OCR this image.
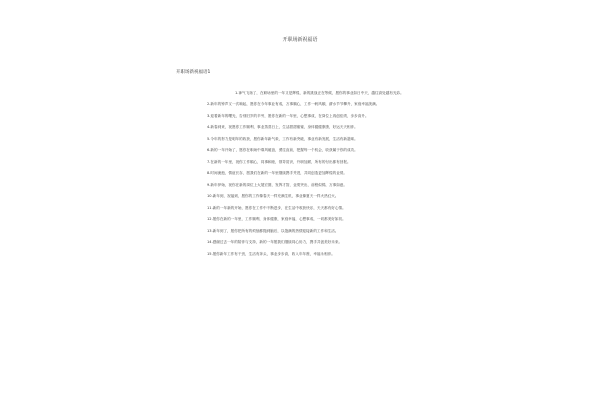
开职场新祝福语
开职场新祝福语1

1.神气飞扬了，在职场里的一年又是辉煌，新的挑战正在等候，愿你的事业如日中天，越往高处越有光彩。

2.新年的钟声又一次响起，愿你在今年事业有成，万事顺心，工作一帆风顺，薪水节节攀升，家庭幸福美满。

3.迎着新年的曙光，告别旧岁的辛劳，愿你在新的一年里，心想事成，在岗位上再创佳绩，步步高升。

4.新春到来，祝愿你工作顺利，事业蒸蒸日上，生活甜甜蜜蜜，身体健健康康，好运天天相伴。

5.今年的努力是明年的收获，愿你新年新气象，工作有新突破，事业有新发展，生活有新滋味。

6.新的一年开始了，愿你在职场中乘风破浪，勇往直前，把握每一个机会，收获属于你的成功。

7.在新的一年里，祝你工作顺心，同事和睦，领导赏识，升职加薪，所有的付出都有回报。

8.时间流逝，情谊长存，愿我们在新的一年里继续携手并进，共同创造更加辉煌的业绩。

9.新年伊始，祝你在新的岗位上大展宏图，发挥才智，业绩突出，前程似锦，万事如意。

10.新年到，祝福到，愿你的工作像春天一样充满生机，事业像夏天一样火热红火。

11.新的一年新的开始，愿你在工作中不断进步，在生活中收获快乐，天天都有好心情。

12.愿你在新的一年里，工作顺利，身体健康，家庭幸福，心想事成，一切都美好如初。

13.新年到了，愿你把所有的烦恼都抛到脑后，以饱满的热情迎接新的工作和生活。

14.感谢过去一年的陪伴与支持，新的一年愿我们继续同心协力，携手共创美好未来。

15.愿你新年工作有干劲，生活有奔头，事业步步高，收入年年涨，幸福永相伴。
